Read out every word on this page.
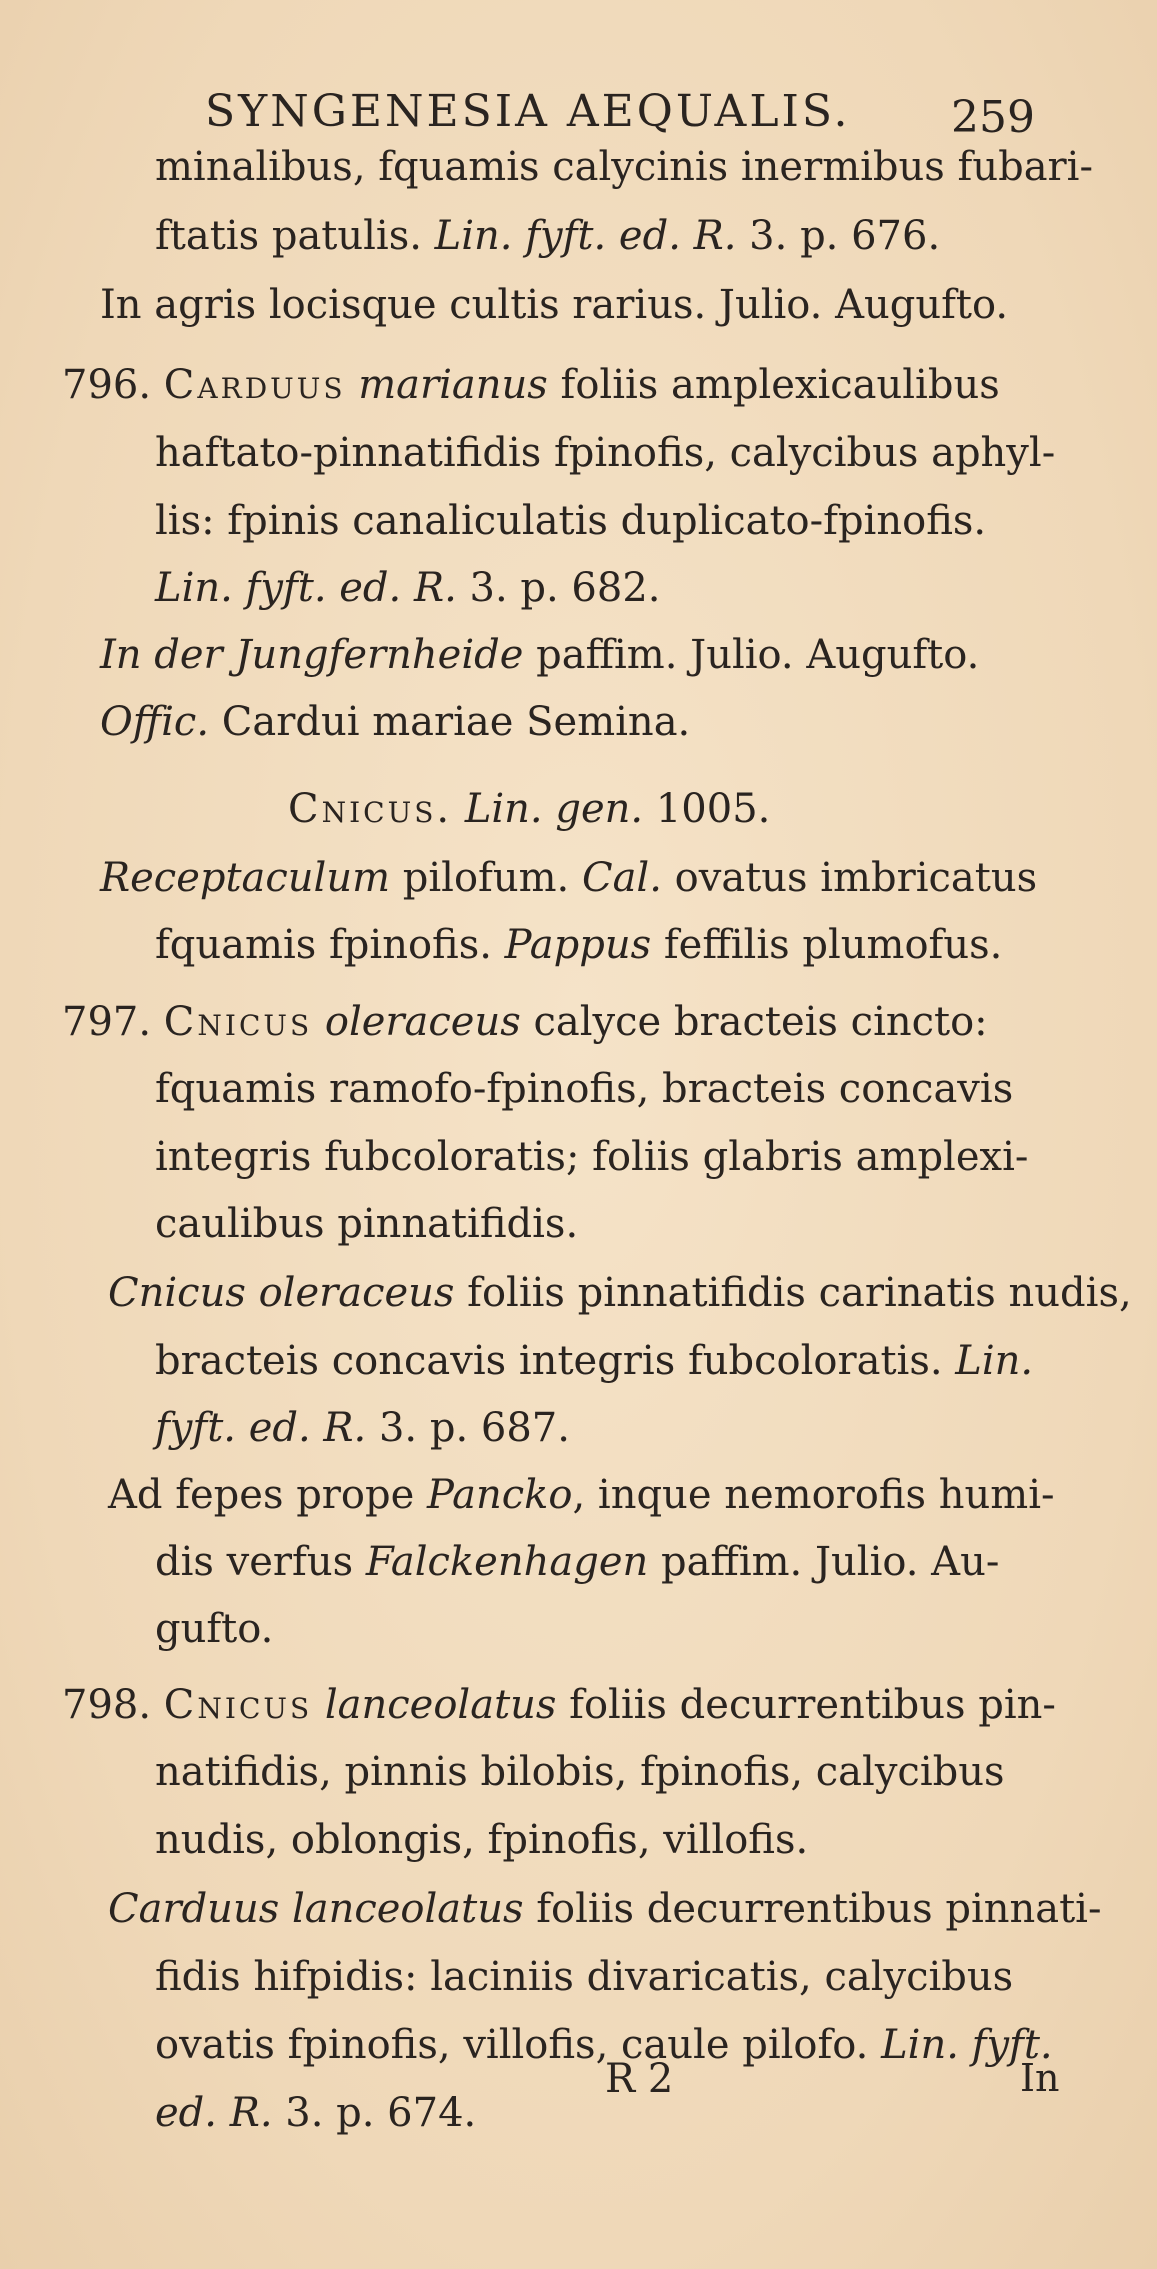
SYNGENESIA AEQUALIS. 259
minalibus, fquamis calycinis inermibus fubari-
ftatis patulis. Lin. fyft. ed. R. 3. p. 676.
In agris locisque cultis rarius. Julio. Augufto.
796. Carduus marianus foliis amplexicaulibus
haftato-pinnatifidis fpinofis, calycibus aphyl-
lis: fpinis canaliculatis duplicato-fpinofis.
Lin. fyft. ed. R. 3. p. 682.
In der Jungfernheide paffim. Julio. Augufto.
Offic. Cardui mariae Semina.
Cnicus. Lin. gen. 1005.
Receptaculum pilofum. Cal. ovatus imbricatus
fquamis fpinofis. Pappus feffilis plumofus.
797. Cnicus oleraceus calyce bracteis cincto:
fquamis ramofo-fpinofis, bracteis concavis
integris fubcoloratis; foliis glabris amplexi-
caulibus pinnatifidis.
Cnicus oleraceus foliis pinnatifidis carinatis nudis,
bracteis concavis integris fubcoloratis. Lin.
fyft. ed. R. 3. p. 687.
Ad fepes prope Pancko, inque nemorofis humi-
dis verfus Falckenhagen paffim. Julio. Au-
gufto.
798. Cnicus lanceolatus foliis decurrentibus pin-
natifidis, pinnis bilobis, fpinofis, calycibus
nudis, oblongis, fpinofis, villofis.
Carduus lanceolatus foliis decurrentibus pinnati-
fidis hifpidis: laciniis divaricatis, calycibus
ovatis fpinofis, villofis, caule pilofo. Lin. fyft.
ed. R. 3. p. 674.
R 2	In
